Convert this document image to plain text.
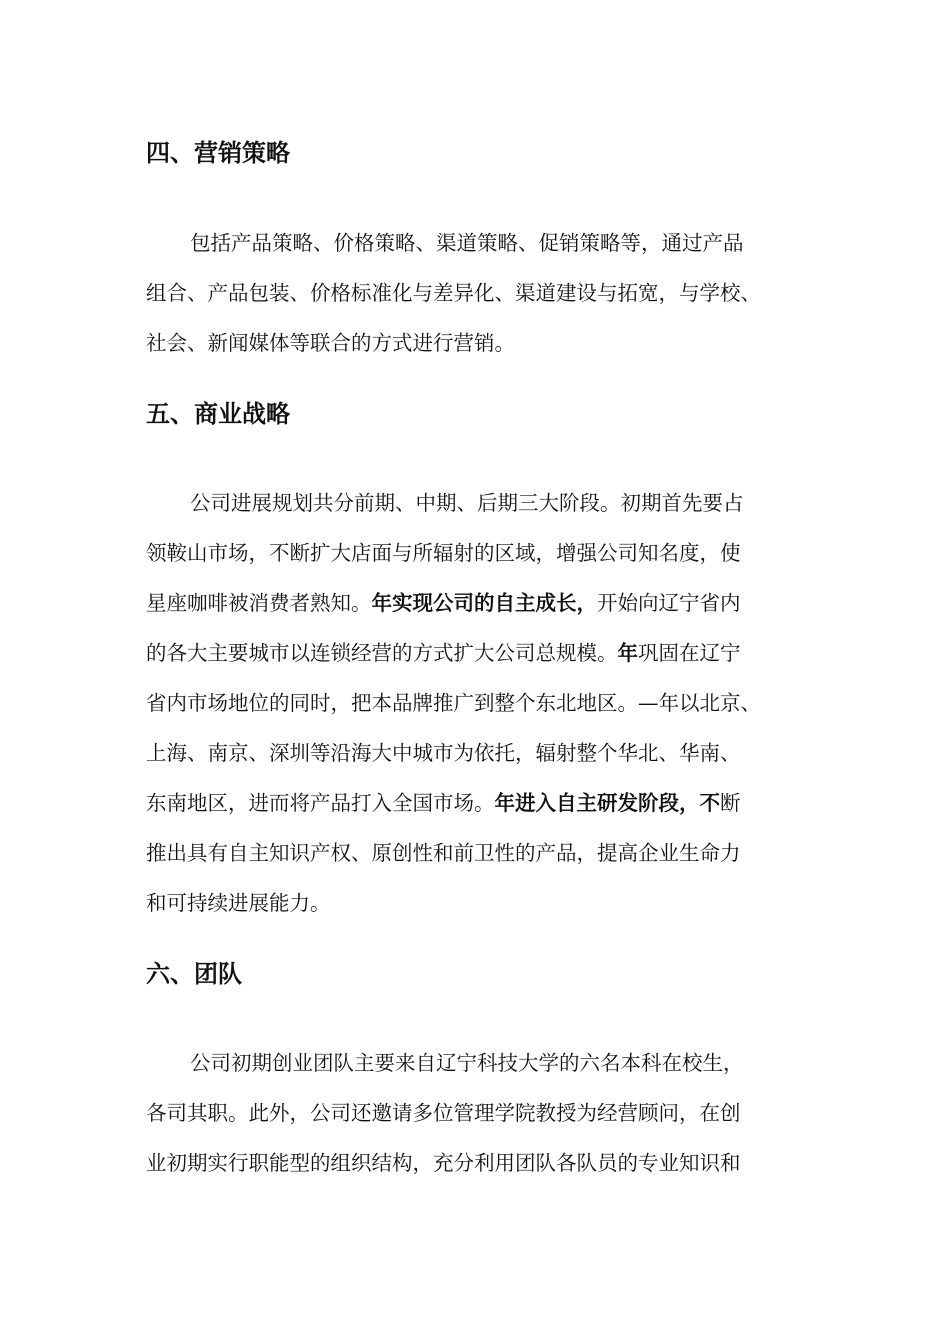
四、营销策略

包括产品策略、价格策略、渠道策略、促销策略等，通过产品

组合、产品包装、价格标准化与差异化、渠道建设与拓宽，与学校、

社会、新闻媒体等联合的方式进行营销。

五、商业战略

公司进展规划共分前期、中期、后期三大阶段。初期首先要占

领鞍山市场，不断扩大店面与所辐射的区域，增强公司知名度，使

星座咖啡被消费者熟知。年实现公司的自主成长，开始向辽宁省内

的各大主要城市以连锁经营的方式扩大公司总规模。年巩固在辽宁

省内市场地位的同时，把本品牌推广到整个东北地区。—年以北京、

上海、南京、深圳等沿海大中城市为依托，辐射整个华北、华南、

东南地区，进而将产品打入全国市场。年进入自主研发阶段，不断

推出具有自主知识产权、原创性和前卫性的产品，提高企业生命力

和可持续进展能力。

六、团队

公司初期创业团队主要来自辽宁科技大学的六名本科在校生，

各司其职。此外，公司还邀请多位管理学院教授为经营顾问，在创

业初期实行职能型的组织结构，充分利用团队各队员的专业知识和
